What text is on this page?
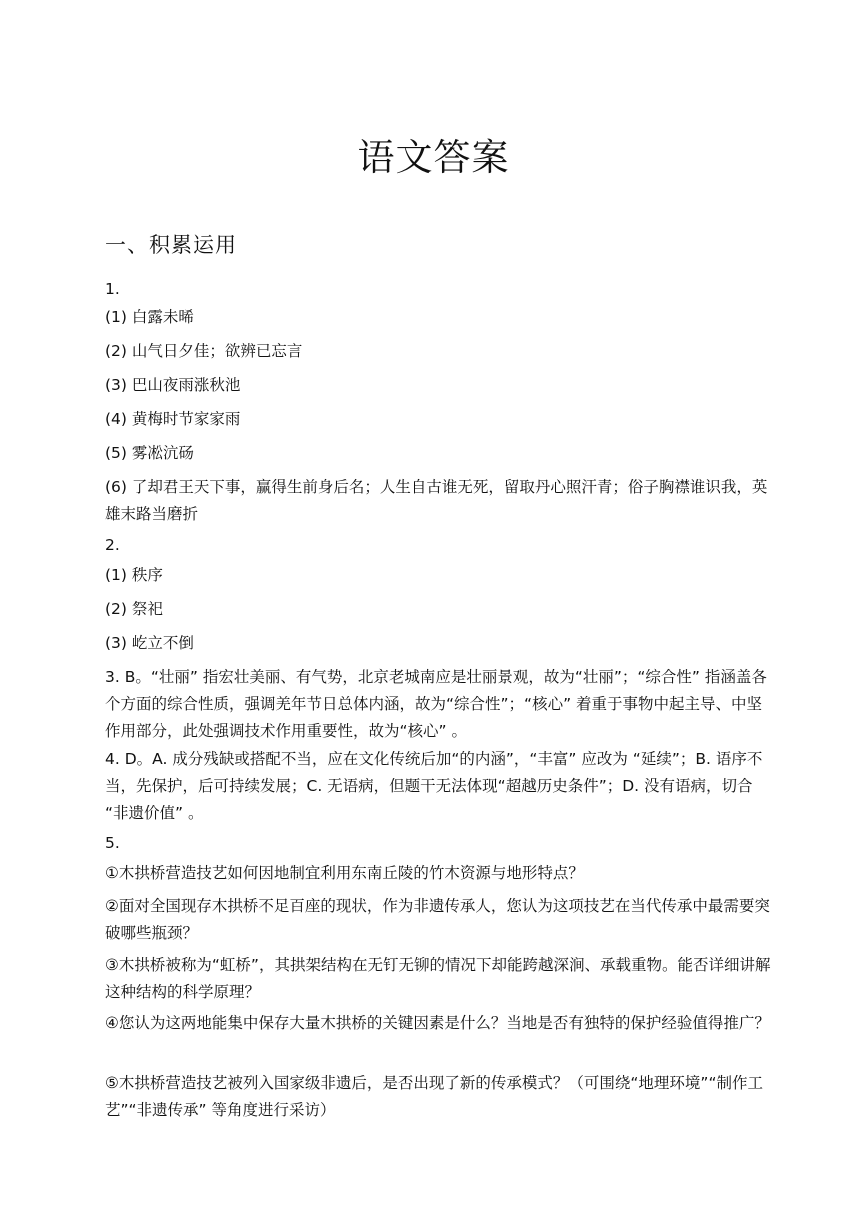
语文答案
一、积累运用

1.

(1) 白露未晞

(2) 山气日夕佳；欲辨已忘言

(3) 巴山夜雨涨秋池

(4) 黄梅时节家家雨

(5) 雾凇沆砀

(6) 了却君王天下事，赢得生前身后名；人生自古谁无死，留取丹心照汗青；俗子胸襟谁识我，英雄末路当磨折

2.

(1) 秩序

(2) 祭祀

(3) 屹立不倒

3. B。“壮丽” 指宏壮美丽、有气势，北京老城南应是壮丽景观，故为“壮丽”；“综合性” 指涵盖各个方面的综合性质，强调羌年节日总体内涵，故为“综合性”；“核心” 着重于事物中起主导、中坚作用部分，此处强调技术作用重要性，故为“核心” 。

4. D。A. 成分残缺或搭配不当，应在文化传统后加“的内涵”，“丰富” 应改为 “延续”；B. 语序不当，先保护，后可持续发展；C. 无语病，但题干无法体现“超越历史条件”；D. 没有语病，切合 “非遗价值” 。

5.

①木拱桥营造技艺如何因地制宜利用东南丘陵的竹木资源与地形特点？

②面对全国现存木拱桥不足百座的现状，作为非遗传承人，您认为这项技艺在当代传承中最需要突破哪些瓶颈？

③木拱桥被称为“虹桥”，其拱架结构在无钉无铆的情况下却能跨越深涧、承载重物。能否详细讲解这种结构的科学原理？

④您认为这两地能集中保存大量木拱桥的关键因素是什么？当地是否有独特的保护经验值得推广？

⑤木拱桥营造技艺被列入国家级非遗后，是否出现了新的传承模式？（可围绕“地理环境”“制作工艺”“非遗传承” 等角度进行采访）
